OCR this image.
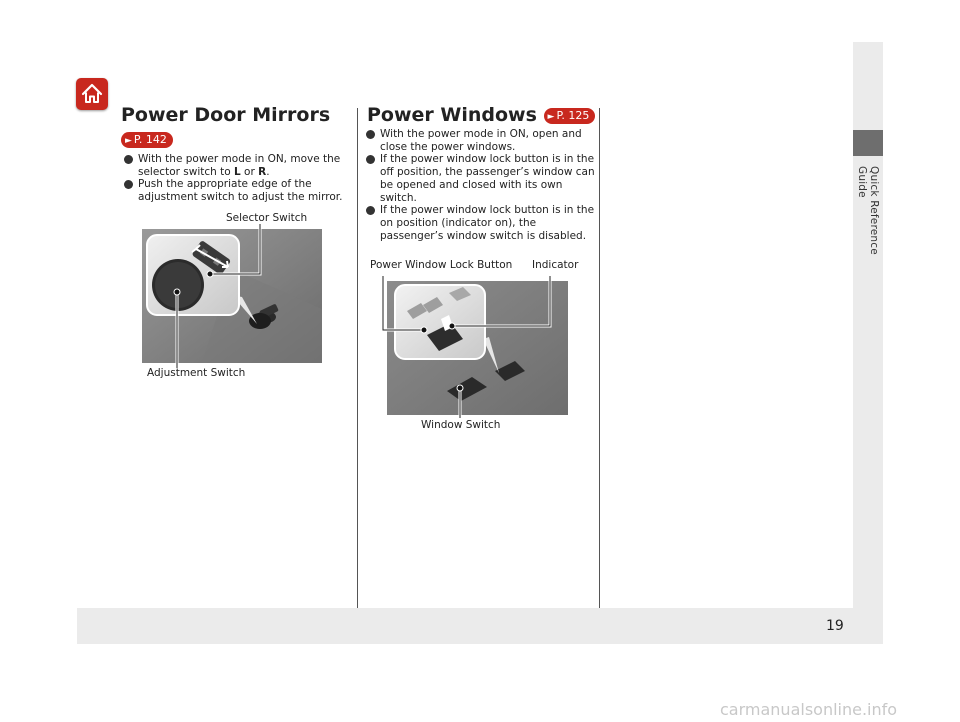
Quick Reference Guide
Power Door Mirrors
► P. 142
With the power mode in ON, move the selector switch to L or R.
Push the appropriate edge of the adjustment switch to adjust the mirror.
Selector Switch
Adjustment Switch
Power Windows ► P. 125
With the power mode in ON, open and close the power windows.
If the power window lock button is in the off position, the passenger’s window can be opened and closed with its own switch.
If the power window lock button is in the on position (indicator on), the passenger’s window switch is disabled.
Power Window Lock Button Indicator
Window Switch
19
carmanualsonline.info
